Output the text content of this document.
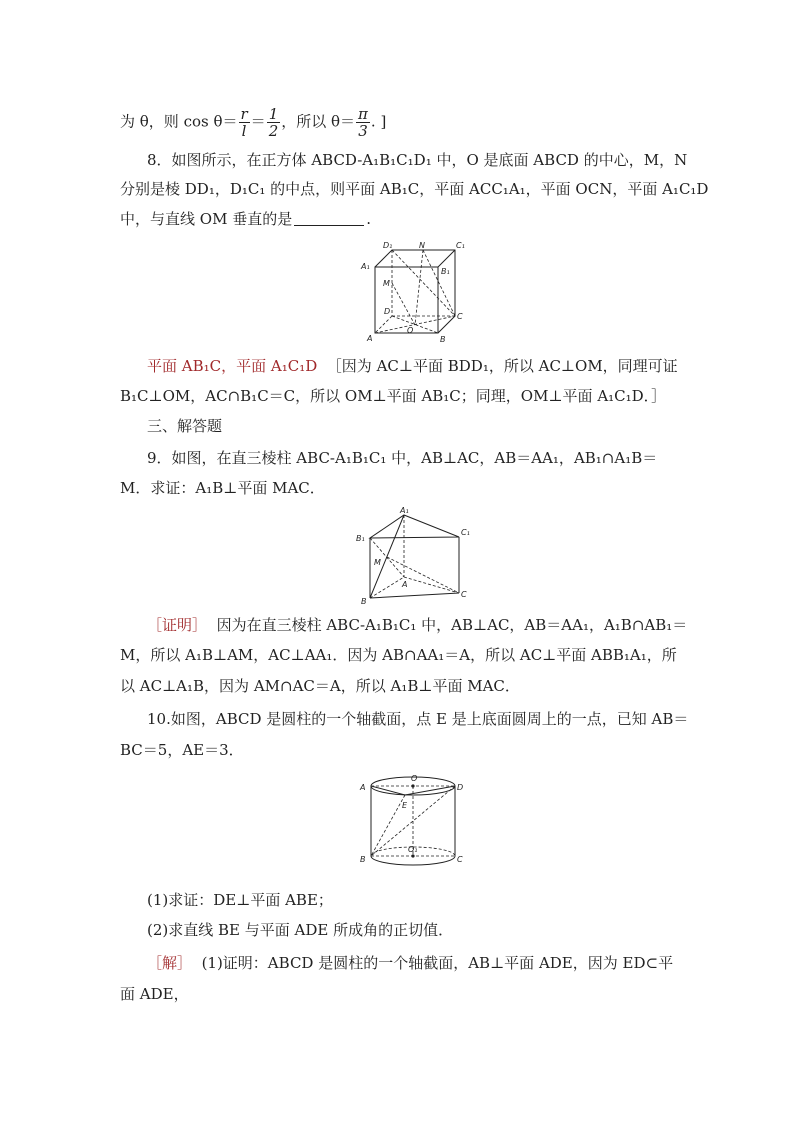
为 θ，则 $\cos \theta= \frac{r}{l} = \frac{1}{2}$ ，所以 $\theta= \frac{\pi}{3}$ . ]
8．如图所示，在正方体 ABCD-A₁B₁C₁D₁ 中，O 是底面 ABCD 的中心，M，N
分别是棱 DD₁，D₁C₁ 的中点，则平面 AB₁C，平面 ACC₁A₁，平面 OCN，平面 A₁C₁D
中，与直线 OM 垂直的是	.
D₁	N	C₁
A₁
B₁
M
D
C
O
A	B
平面 AB₁C，平面 A₁C₁D ［因为 AC⊥平面 BDD₁，所以 AC⊥OM，同理可证
B₁C⊥OM，AC∩B₁C＝C，所以 OM⊥平面 AB₁C；同理，OM⊥平面 A₁C₁D．］
三、解答题
9．如图，在直三棱柱 ABC-A₁B₁C₁ 中，AB⊥AC，AB＝AA₁，AB₁∩A₁B＝
M．求证：A₁B⊥平面 MAC．
A₁
C₁
B₁
M
A
C
B
［证明］ 因为在直三棱柱 ABC-A₁B₁C₁ 中，AB⊥AC，AB＝AA₁，A₁B∩AB₁＝
M，所以 A₁B⊥AM，AC⊥AA₁．因为 AB∩AA₁＝A，所以 AC⊥平面 ABB₁A₁，所
以 AC⊥A₁B，因为 AM∩AC＝A，所以 A₁B⊥平面 MAC．
10.如图，ABCD 是圆柱的一个轴截面，点 E 是上底面圆周上的一点，已知 AB＝
BC＝5，AE＝3．
O
A	D
E
O₁
B	C
(1)求证：DE⊥平面 ABE；
(2)求直线 BE 与平面 ADE 所成角的正切值．
［解］ (1)证明：ABCD 是圆柱的一个轴截面，AB⊥平面 ADE，因为 ED⊂平
面 ADE，
